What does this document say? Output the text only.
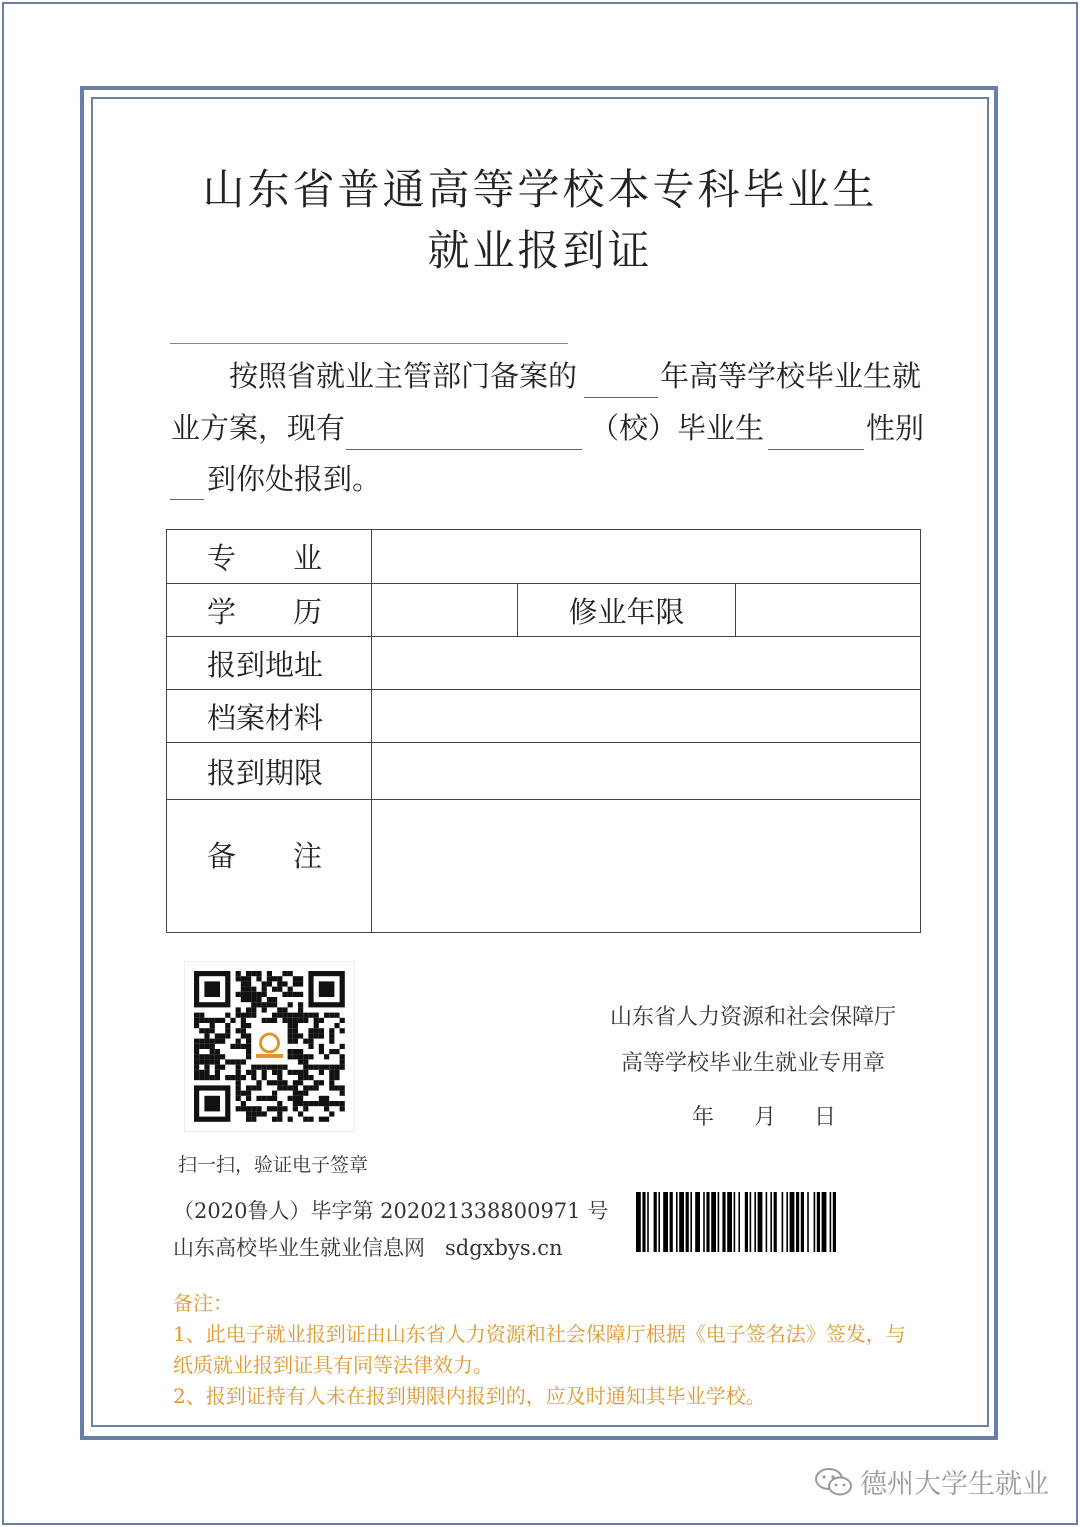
山东省普通高等学校本专科毕业生
就业报到证
按照省就业主管部门备案的	年高等学校毕业生就
业方案，现有	（校）毕业生	性别
到你处报到。
专 业			

学 历		修业年限	

报到地址			

档案材料			

报到期限			

备 注			

扫一扫，验证电子签章
山东省人力资源和社会保障厅
高等学校毕业生就业专用章
年 月 日
（2020鲁人）毕字第 202021338800971 号
山东高校毕业生就业信息网   sdgxbys.cn
备注：
1、此电子就业报到证由山东省人力资源和社会保障厅根据《电子签名法》签发，与
纸质就业报到证具有同等法律效力。
2、报到证持有人未在报到期限内报到的，应及时通知其毕业学校。
德州大学生就业
